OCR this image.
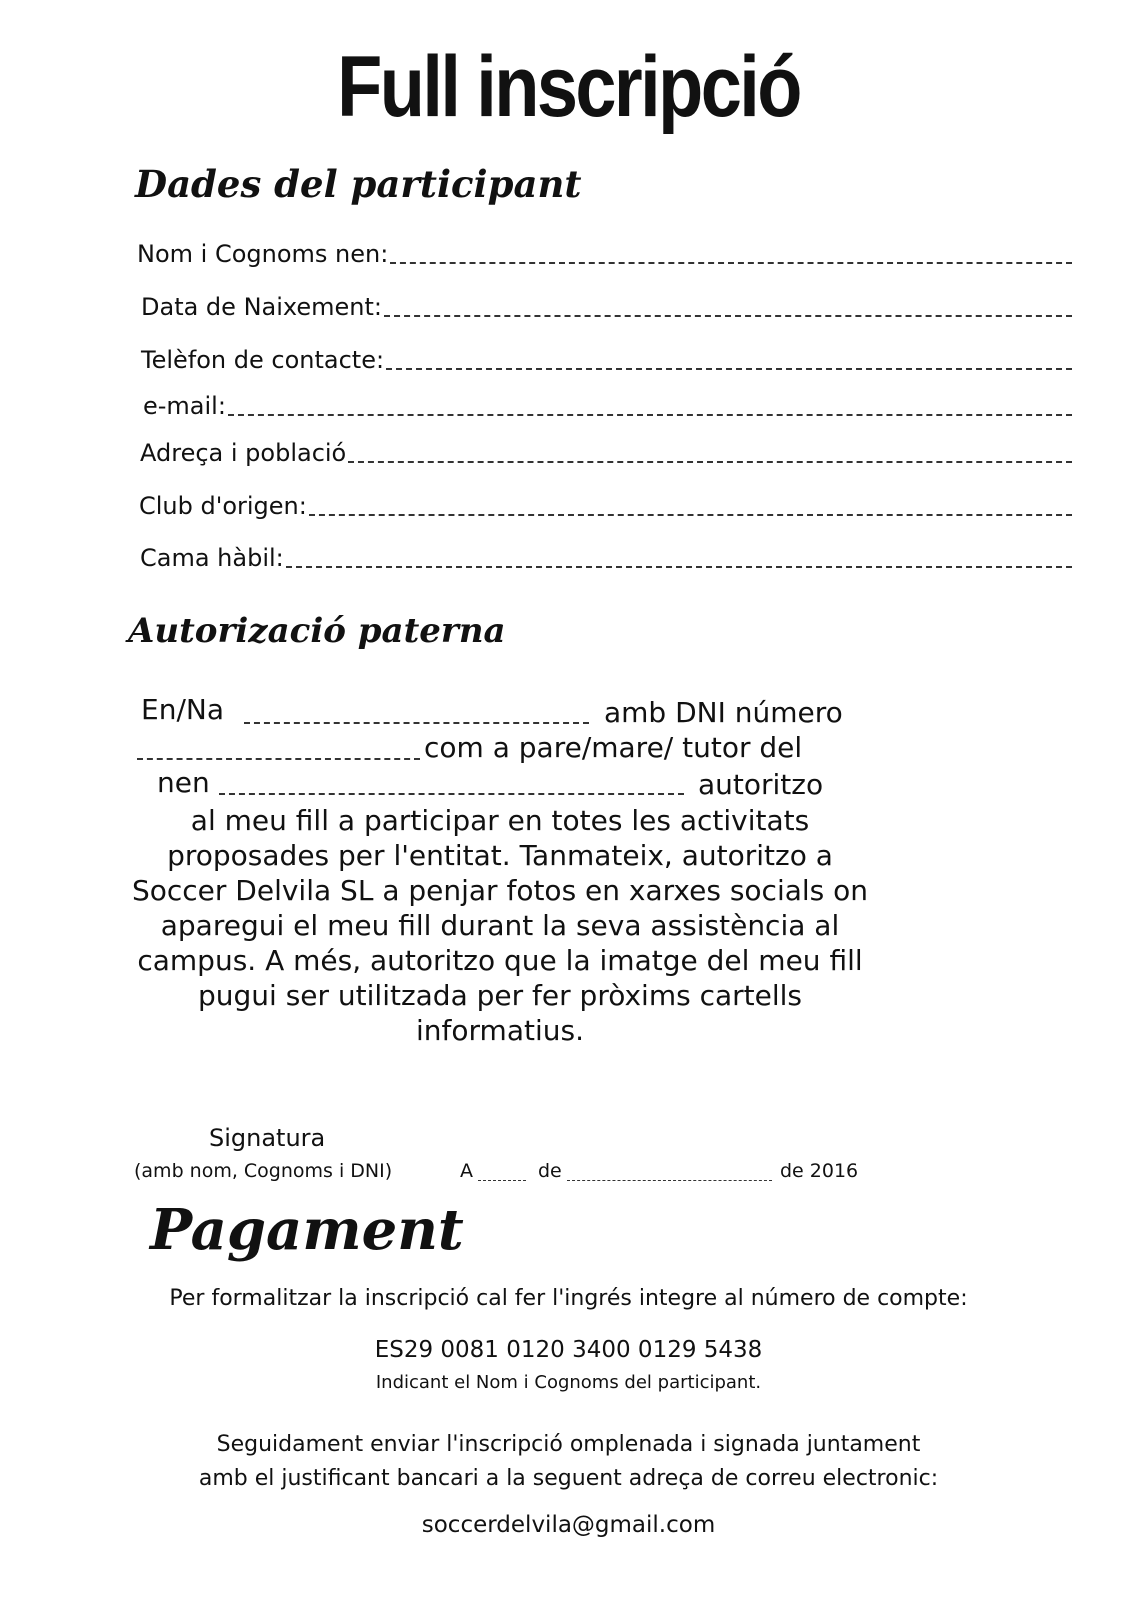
Full inscripció
Dades del participant
Nom i Cognoms nen:
Data de Naixement:
Telèfon de contacte:
e-mail:
Adreça i població
Club d'origen:
Cama hàbil:
Autorizació paterna
En/Na	amb DNI número
com a pare/mare/ tutor del
nen	autoritzo
al meu fill a participar en totes les activitats proposades per l'entitat. Tanmateix, autoritzo a Soccer Delvila SL a penjar fotos en xarxes socials on aparegui el meu fill durant la seva assistència al campus. A més, autoritzo que la imatge del meu fill pugui ser utilitzada per fer pròxims cartells informatius.
Signatura
(amb nom, Cognoms i DNI)	A	de	de 2016
Pagament
Per formalitzar la inscripció cal fer l'ingrés integre al número de compte:
ES29 0081 0120 3400 0129 5438
Indicant el Nom i Cognoms del participant.
Seguidament enviar l'inscripció omplenada i signada juntament
amb el justificant bancari a la seguent adreça de correu electronic:
soccerdelvila@gmail.com
